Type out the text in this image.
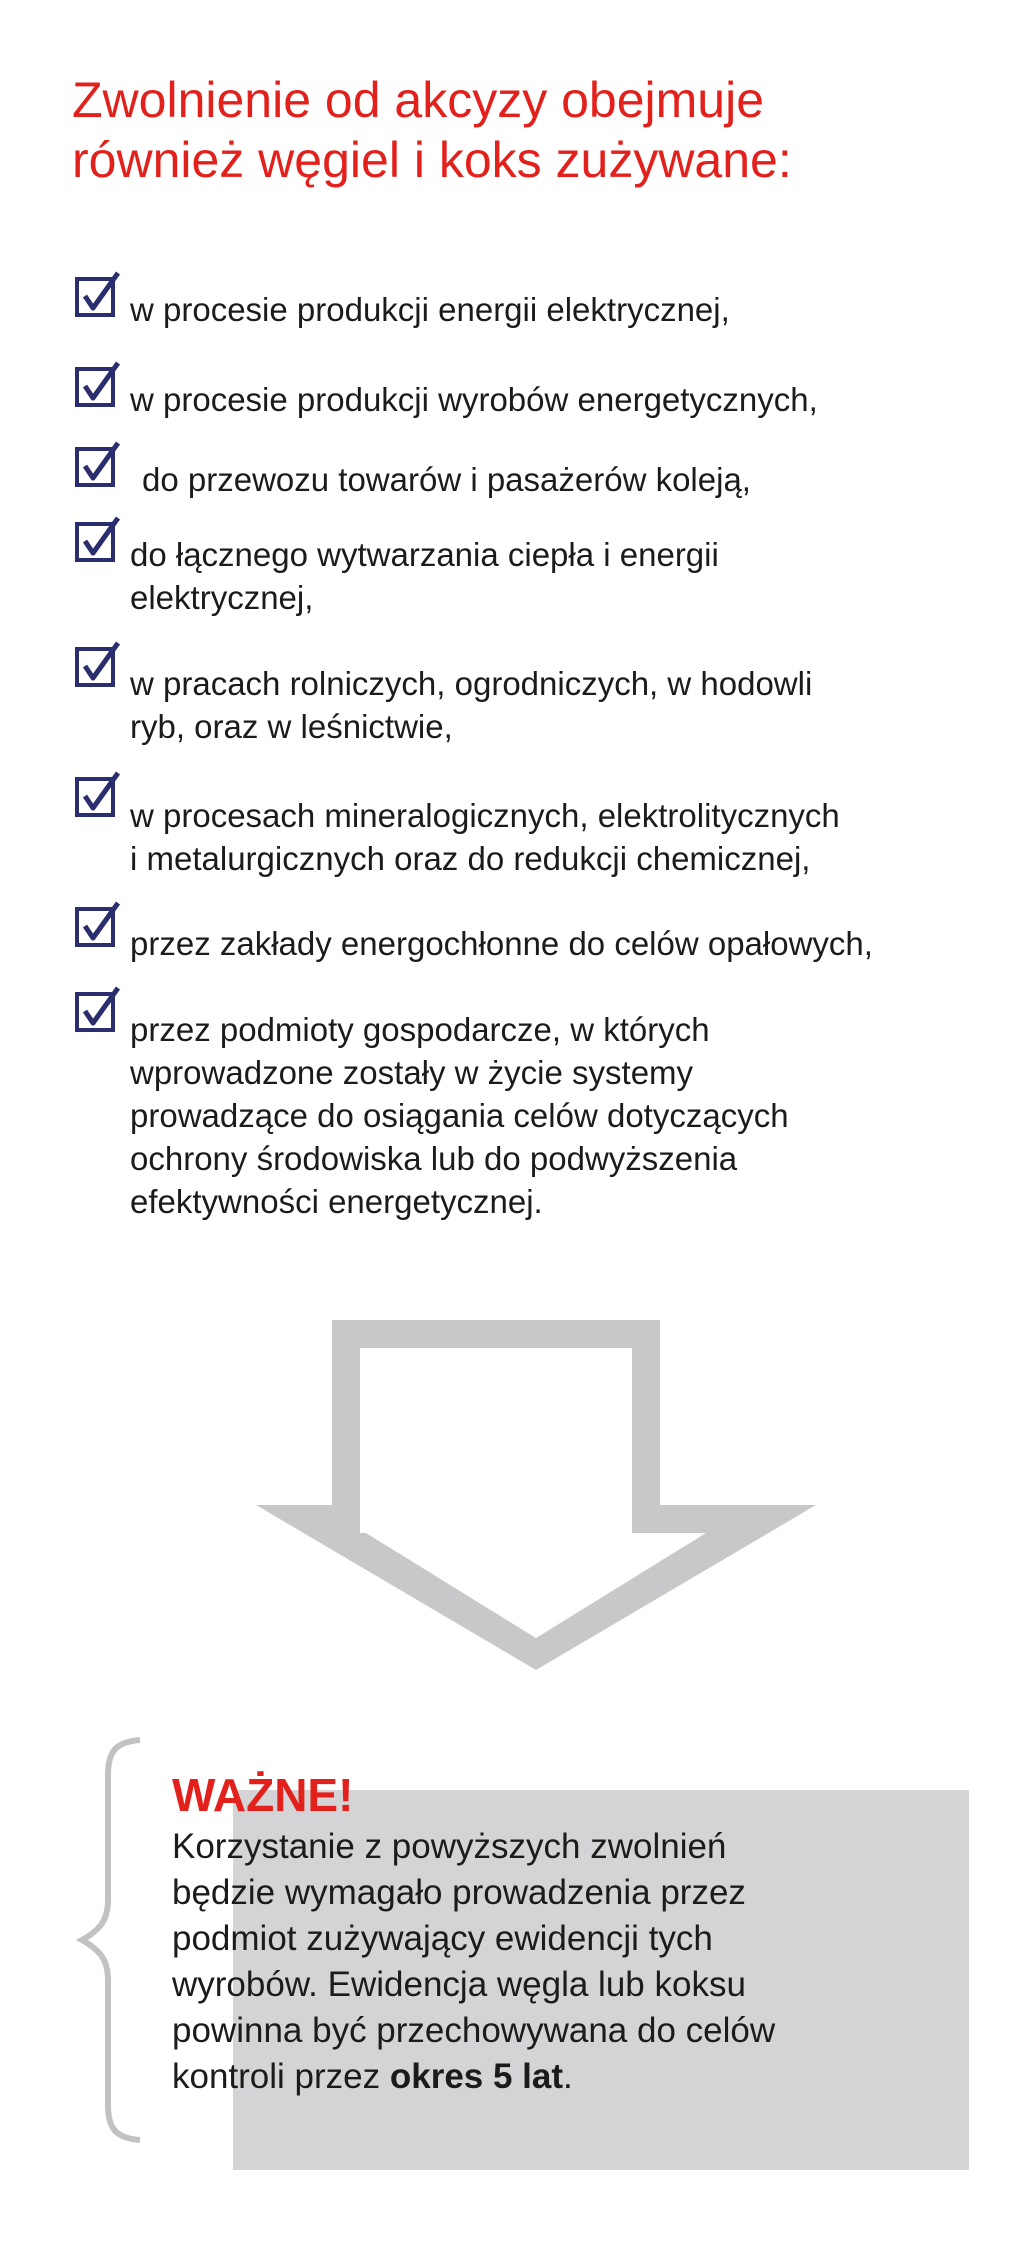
Zwolnienie od akcyzy obejmuje
również węgiel i koks zużywane:
w procesie produkcji energii elektrycznej,
w procesie produkcji wyrobów energetycznych,
do przewozu towarów i pasażerów koleją,
do łącznego wytwarzania ciepła i energii
elektrycznej,
w pracach rolniczych, ogrodniczych, w hodowli
ryb, oraz w leśnictwie,
w procesach mineralogicznych, elektrolitycznych
i metalurgicznych oraz do redukcji chemicznej,
przez zakłady energochłonne do celów opałowych,
przez podmioty gospodarcze, w których
wprowadzone zostały w życie systemy
prowadzące do osiągania celów dotyczących
ochrony środowiska lub do podwyższenia
efektywności energetycznej.
WAŻNE!
Korzystanie z powyższych zwolnień
będzie wymagało prowadzenia przez
podmiot zużywający ewidencji tych
wyrobów. Ewidencja węgla lub koksu
powinna być przechowywana do celów
kontroli przez okres 5 lat.
